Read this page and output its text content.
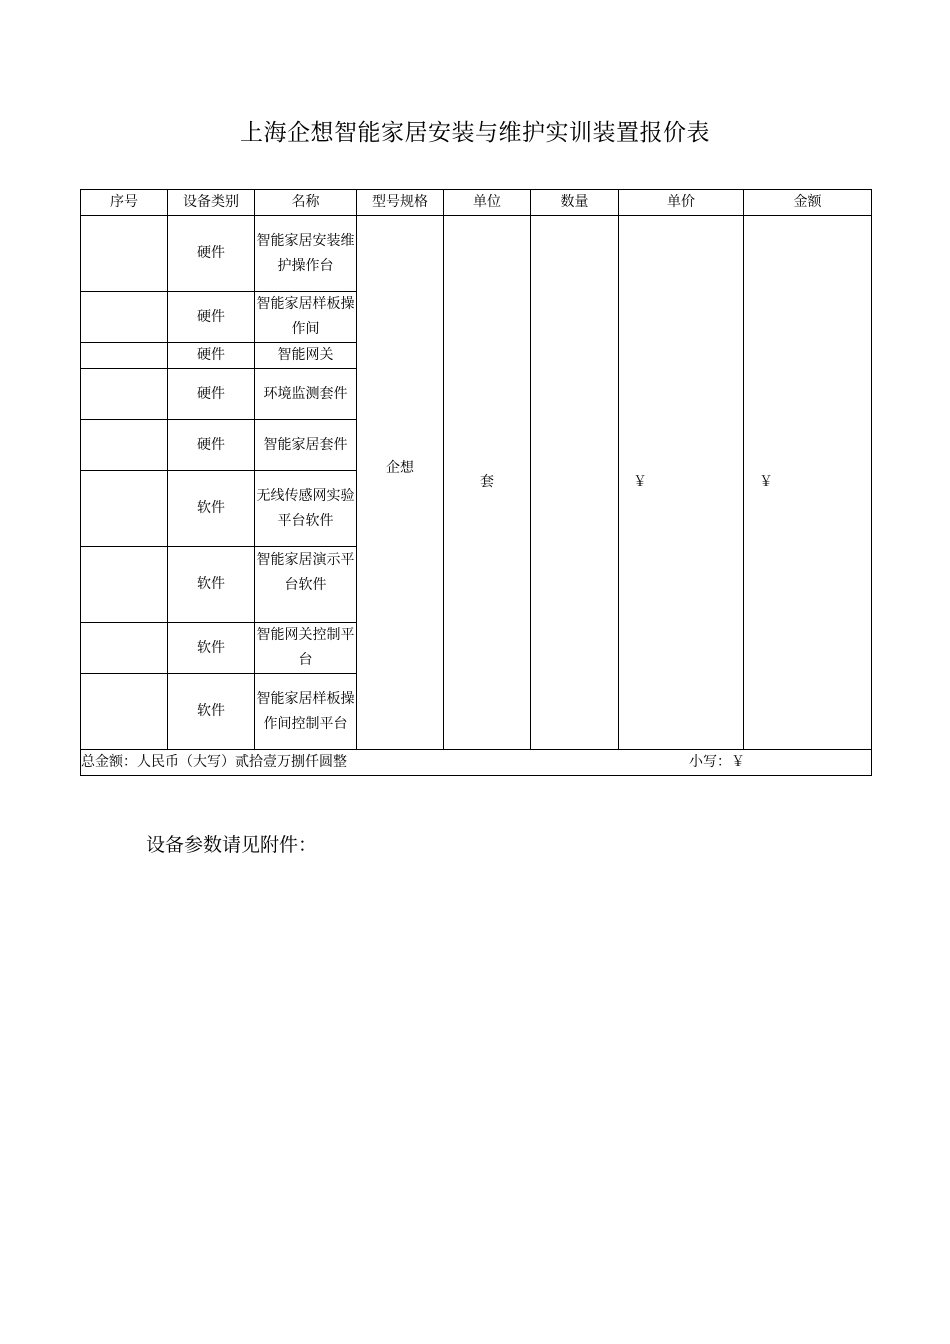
上海企想智能家居安装与维护实训装置报价表
序号	设备类别	名称	型号规格	单位	数量	单价	金额
	硬件	智能家居安装维护操作台	企想	套		￥	￥
	硬件	智能家居样板操作间					
	硬件	智能网关					
	硬件	环境监测套件					
	硬件	智能家居套件					
	软件	无线传感网实验平台软件					
	软件	智能家居演示平台软件					
	软件	智能网关控制平台					
	软件	智能家居样板操作间控制平台					

总金额：人民币（大写）贰拾壹万捌仟圆整 小写：￥							

设备参数请见附件：
